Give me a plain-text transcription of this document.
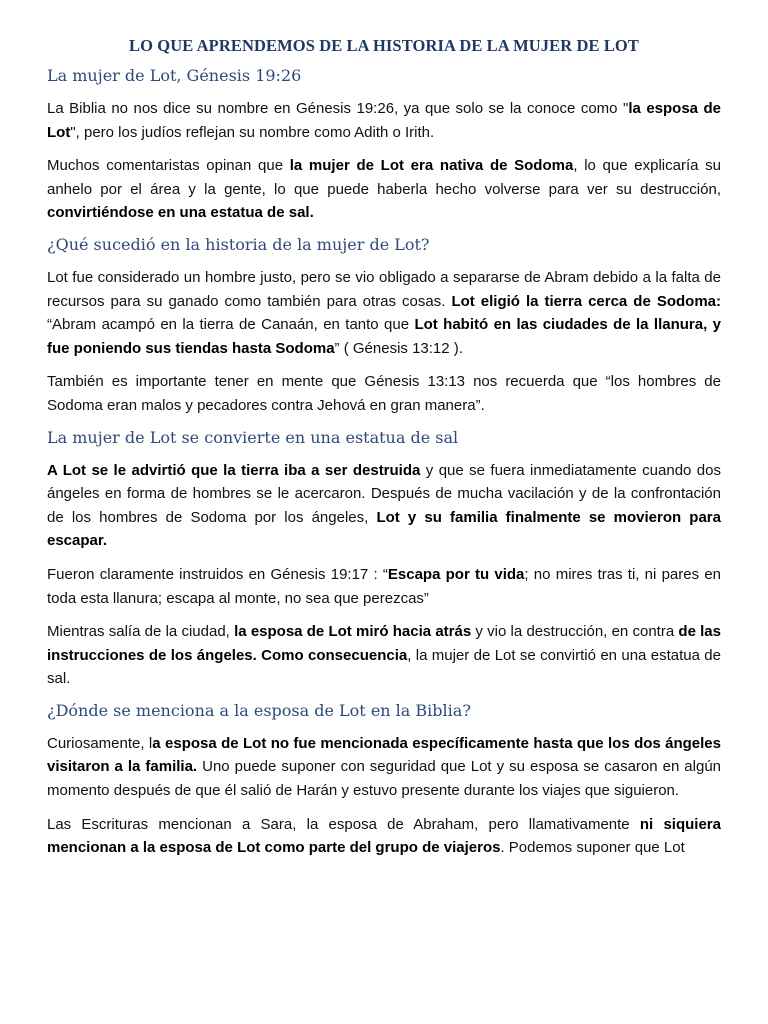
LO QUE APRENDEMOS DE LA HISTORIA DE LA MUJER DE LOT
La mujer de Lot, Génesis 19:26

La Biblia no nos dice su nombre en Génesis 19:26, ya que solo se la conoce como "la esposa de Lot", pero los judíos reflejan su nombre como Adith o Irith.

Muchos comentaristas opinan que la mujer de Lot era nativa de Sodoma, lo que explicaría su anhelo por el área y la gente, lo que puede haberla hecho volverse para ver su destrucción, convirtiéndose en una estatua de sal.

¿Qué sucedió en la historia de la mujer de Lot?

Lot fue considerado un hombre justo, pero se vio obligado a separarse de Abram debido a la falta de recursos para su ganado como también para otras cosas. Lot eligió la tierra cerca de Sodoma: “Abram acampó en la tierra de Canaán, en tanto que Lot habitó en las ciudades de la llanura, y fue poniendo sus tiendas hasta Sodoma” ( Génesis 13:12 ).

También es importante tener en mente que Génesis 13:13 nos recuerda que “los hombres de Sodoma eran malos y pecadores contra Jehová en gran manera”.

La mujer de Lot se convierte en una estatua de sal

A Lot se le advirtió que la tierra iba a ser destruida y que se fuera inmediatamente cuando dos ángeles en forma de hombres se le acercaron. Después de mucha vacilación y de la confrontación de los hombres de Sodoma por los ángeles, Lot y su familia finalmente se movieron para escapar.

Fueron claramente instruidos en Génesis 19:17 : “Escapa por tu vida; no mires tras ti, ni pares en toda esta llanura; escapa al monte, no sea que perezcas”

Mientras salía de la ciudad, la esposa de Lot miró hacia atrás y vio la destrucción, en contra de las instrucciones de los ángeles. Como consecuencia, la mujer de Lot se convirtió en una estatua de sal.

¿Dónde se menciona a la esposa de Lot en la Biblia?

Curiosamente, la esposa de Lot no fue mencionada específicamente hasta que los dos ángeles visitaron a la familia. Uno puede suponer con seguridad que Lot y su esposa se casaron en algún momento después de que él salió de Harán y estuvo presente durante los viajes que siguieron.

Las Escrituras mencionan a Sara, la esposa de Abraham, pero llamativamente ni siquiera mencionan a la esposa de Lot como parte del grupo de viajeros. Podemos suponer que Lot
